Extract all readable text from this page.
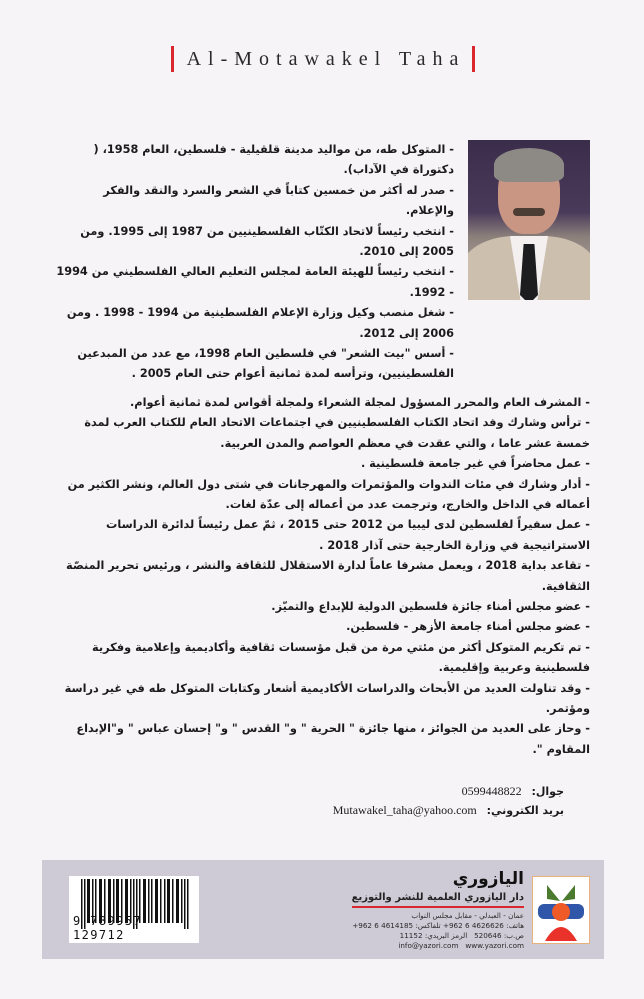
Al-Motawakel Taha
- المتوكل طه، من مواليد مدينة قلقيلية - فلسطين، العام 1958، ( دكتوراة في الآداب).
- صدر له أكثر من خمسين كتاباً في الشعر والسرد والنقد والفكر والإعلام.
- انتخب رئيساً لاتحاد الكتّاب الفلسطينيين من 1987 إلى 1995. ومن 2005 إلى 2010.
- انتخب رئيساً للهيئة العامة لمجلس التعليم العالي الفلسطيني من 1994 - 1992.
- شغل منصب وكيل وزارة الإعلام الفلسطينية من 1994 - 1998 . ومن 2006 إلى 2012.
- أسس "بيت الشعر" في فلسطين العام 1998، مع عدد من المبدعين الفلسطينيين، وترأسه لمدة ثمانية أعوام حتى العام 2005 .
- المشرف العام والمحرر المسؤول لمجلة الشعراء ولمجلة أقواس لمدة ثمانية أعوام.
- ترأس وشارك وفد اتحاد الكتاب الفلسطينيين في اجتماعات الاتحاد العام للكتاب العرب لمدة خمسة عشر عاما ، والتي عقدت في معظم العواصم والمدن العربية.
- عمل محاضراً في غير جامعة فلسطينية .
- أدار وشارك في مئات الندوات والمؤتمرات والمهرجانات في شتى دول العالم، ونشر الكثير من أعماله في الداخل والخارج، وترجمت عدد من أعماله إلى عدّة لغات.
- عمل سفيراً لفلسطين لدى ليبيا من 2012 حتى 2015 ، ثمّ عمل رئيساً لدائرة الدراسات الاستراتيجية في وزارة الخارجية حتى آذار 2018 .
- تقاعد بداية 2018 ، ويعمل مشرفا عاماً لدارة الاستقلال للثقافة والنشر ، ورئيس تحرير المنصّة الثقافية.
- عضو مجلس أمناء جائزة فلسطين الدولية للإبداع والتميّز.
- عضو مجلس أمناء جامعة الأزهر - فلسطين.
- تم تكريم المتوكل أكثر من مئتي مرة من قبل مؤسسات ثقافية وأكاديمية وإعلامية وفكرية فلسطينية وعربية وإقليمية.
- وقد تناولت العديد من الأبحاث والدراسات الأكاديمية أشعار وكتابات المتوكل طه في غير دراسة ومؤتمر.
- وحاز على العديد من الجوائز ، منها جائزة " الحرية " و" القدس " و" إحسان عباس " و"الإبداع المقاوم ".
جوال: 0599448822
بريد الكتروني: Mutawakel_taha@yahoo.com
9 789957 129712
اليازوري
دار اليازوري العلمية للنشر والتوزيع
عمان - العبدلي - مقابل مجلس النواب
هاتف: +962 6 4626626 تلفاكس: +962 6 4614185
ص.ب: 520646   الرمز البريدي: 11152
info@yazori.com www.yazori.com
